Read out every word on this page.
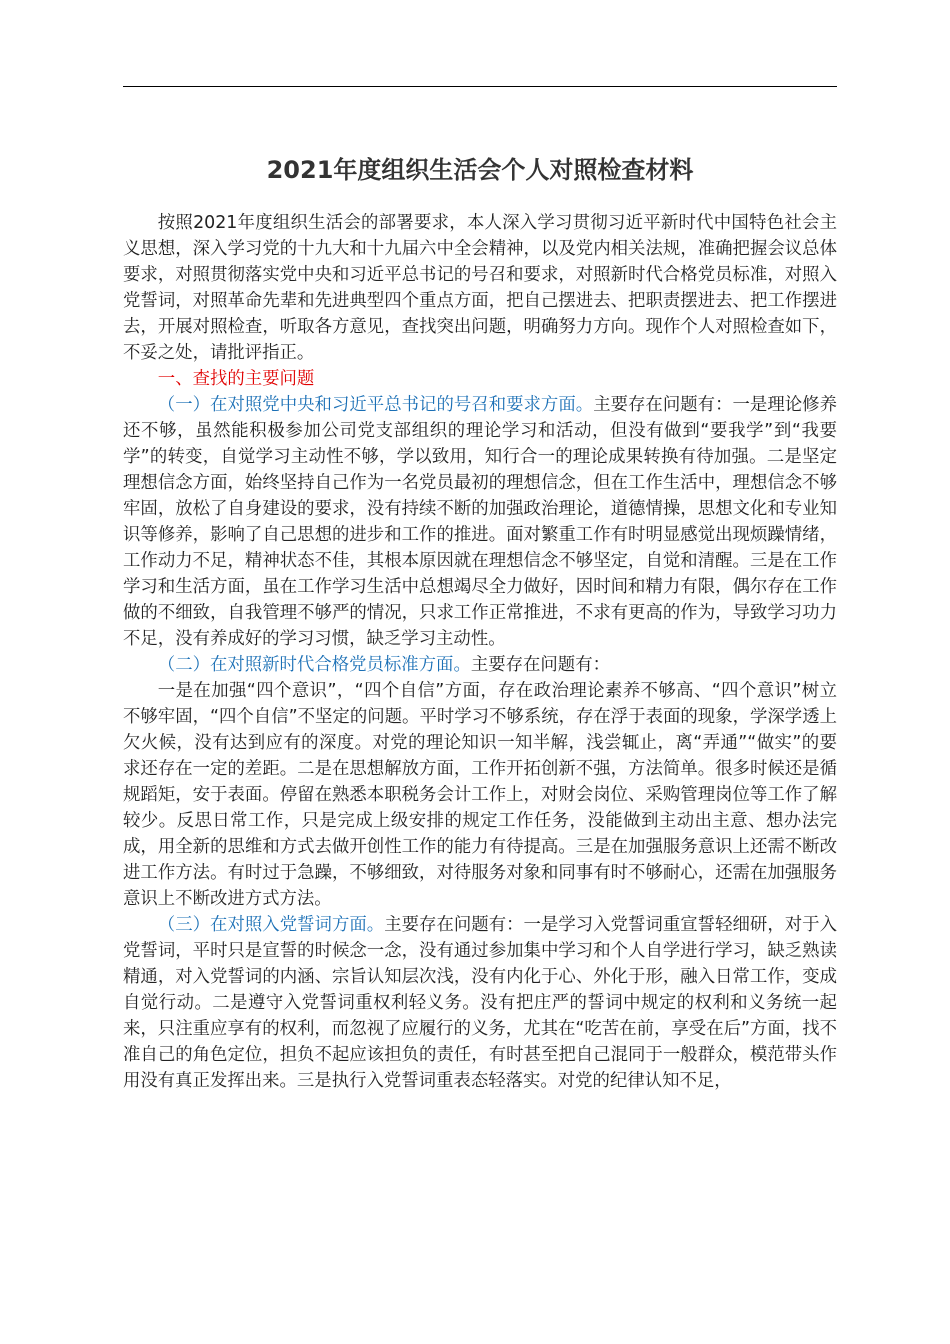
2021年度组织生活会个人对照检查材料

按照2021年度组织生活会的部署要求，本人深入学习贯彻习近平新时代中国特色社会主义思想，深入学习党的十九大和十九届六中全会精神，以及党内相关法规，准确把握会议总体要求，对照贯彻落实党中央和习近平总书记的号召和要求，对照新时代合格党员标准，对照入党誓词，对照革命先辈和先进典型四个重点方面，把自己摆进去、把职责摆进去、把工作摆进去，开展对照检查，听取各方意见，查找突出问题，明确努力方向。现作个人对照检查如下，不妥之处，请批评指正。

一、查找的主要问题

（一）在对照党中央和习近平总书记的号召和要求方面。主要存在问题有：一是理论修养还不够，虽然能积极参加公司党支部组织的理论学习和活动，但没有做到“要我学”到“我要学”的转变，自觉学习主动性不够，学以致用，知行合一的理论成果转换有待加强。二是坚定理想信念方面，始终坚持自己作为一名党员最初的理想信念，但在工作生活中，理想信念不够牢固，放松了自身建设的要求，没有持续不断的加强政治理论，道德情操，思想文化和专业知识等修养，影响了自己思想的进步和工作的推进。面对繁重工作有时明显感觉出现烦躁情绪，工作动力不足，精神状态不佳，其根本原因就在理想信念不够坚定，自觉和清醒。三是在工作学习和生活方面，虽在工作学习生活中总想竭尽全力做好，因时间和精力有限，偶尔存在工作做的不细致，自我管理不够严的情况，只求工作正常推进，不求有更高的作为，导致学习功力不足，没有养成好的学习习惯，缺乏学习主动性。

（二）在对照新时代合格党员标准方面。主要存在问题有：

一是在加强“四个意识”，“四个自信”方面，存在政治理论素养不够高、“四个意识”树立不够牢固，“四个自信”不坚定的问题。平时学习不够系统，存在浮于表面的现象，学深学透上欠火候，没有达到应有的深度。对党的理论知识一知半解，浅尝辄止，离“弄通”“做实”的要求还存在一定的差距。二是在思想解放方面，工作开拓创新不强，方法简单。很多时候还是循规蹈矩，安于表面。停留在熟悉本职税务会计工作上，对财会岗位、采购管理岗位等工作了解较少。反思日常工作，只是完成上级安排的规定工作任务，没能做到主动出主意、想办法完成，用全新的思维和方式去做开创性工作的能力有待提高。三是在加强服务意识上还需不断改进工作方法。有时过于急躁，不够细致，对待服务对象和同事有时不够耐心，还需在加强服务意识上不断改进方式方法。

（三）在对照入党誓词方面。主要存在问题有：一是学习入党誓词重宣誓轻细研，对于入党誓词，平时只是宣誓的时候念一念，没有通过参加集中学习和个人自学进行学习，缺乏熟读精通，对入党誓词的内涵、宗旨认知层次浅，没有内化于心、外化于形，融入日常工作，变成自觉行动。二是遵守入党誓词重权利轻义务。没有把庄严的誓词中规定的权利和义务统一起来，只注重应享有的权利，而忽视了应履行的义务，尤其在“吃苦在前，享受在后”方面，找不准自己的角色定位，担负不起应该担负的责任，有时甚至把自己混同于一般群众，模范带头作用没有真正发挥出来。三是执行入党誓词重表态轻落实。对党的纪律认知不足，
